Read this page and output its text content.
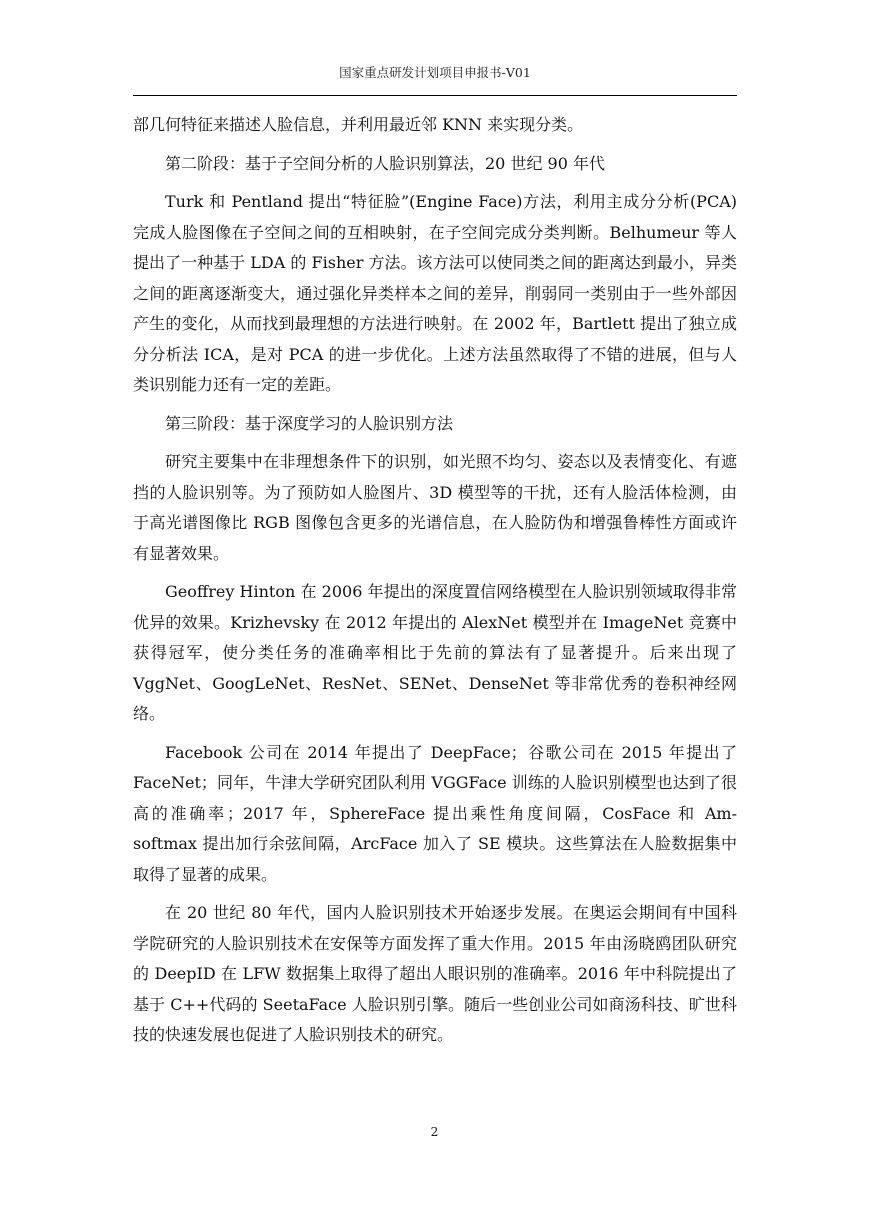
国家重点研发计划项目申报书-V01

部几何特征来描述人脸信息，并利用最近邻 KNN 来实现分类。

第二阶段：基于子空间分析的人脸识别算法，20 世纪 90 年代

Turk 和 Pentland 提出“特征脸”(Engine Face)方法，利用主成分分析(PCA)完成人脸图像在子空间之间的互相映射，在子空间完成分类判断。Belhumeur 等人提出了一种基于 LDA 的 Fisher 方法。该方法可以使同类之间的距离达到最小，异类之间的距离逐渐变大，通过强化异类样本之间的差异，削弱同一类别由于一些外部因产生的变化，从而找到最理想的方法进行映射。在 2002 年，Bartlett 提出了独立成分分析法 ICA，是对 PCA 的进一步优化。上述方法虽然取得了不错的进展，但与人类识别能力还有一定的差距。

第三阶段：基于深度学习的人脸识别方法

研究主要集中在非理想条件下的识别，如光照不均匀、姿态以及表情变化、有遮挡的人脸识别等。为了预防如人脸图片、3D 模型等的干扰，还有人脸活体检测，由于高光谱图像比 RGB 图像包含更多的光谱信息，在人脸防伪和增强鲁棒性方面或许有显著效果。

Geoffrey Hinton 在 2006 年提出的深度置信网络模型在人脸识别领域取得非常优异的效果。Krizhevsky 在 2012 年提出的 AlexNet 模型并在 ImageNet 竞赛中获得冠军，使分类任务的准确率相比于先前的算法有了显著提升。后来出现了 VggNet、GoogLeNet、ResNet、SENet、DenseNet 等非常优秀的卷积神经网络。

Facebook 公司在 2014 年提出了 DeepFace；谷歌公司在 2015 年提出了 FaceNet；同年，牛津大学研究团队利用 VGGFace 训练的人脸识别模型也达到了很高的准确率；2017 年，SphereFace 提出乘性角度间隔，CosFace 和 Am-softmax 提出加行余弦间隔，ArcFace 加入了 SE 模块。这些算法在人脸数据集中取得了显著的成果。

在 20 世纪 80 年代，国内人脸识别技术开始逐步发展。在奥运会期间有中国科学院研究的人脸识别技术在安保等方面发挥了重大作用。2015 年由汤晓鸥团队研究的 DeepID 在 LFW 数据集上取得了超出人眼识别的准确率。2016 年中科院提出了基于 C++代码的 SeetaFace 人脸识别引擎。随后一些创业公司如商汤科技、旷世科技的快速发展也促进了人脸识别技术的研究。

2
